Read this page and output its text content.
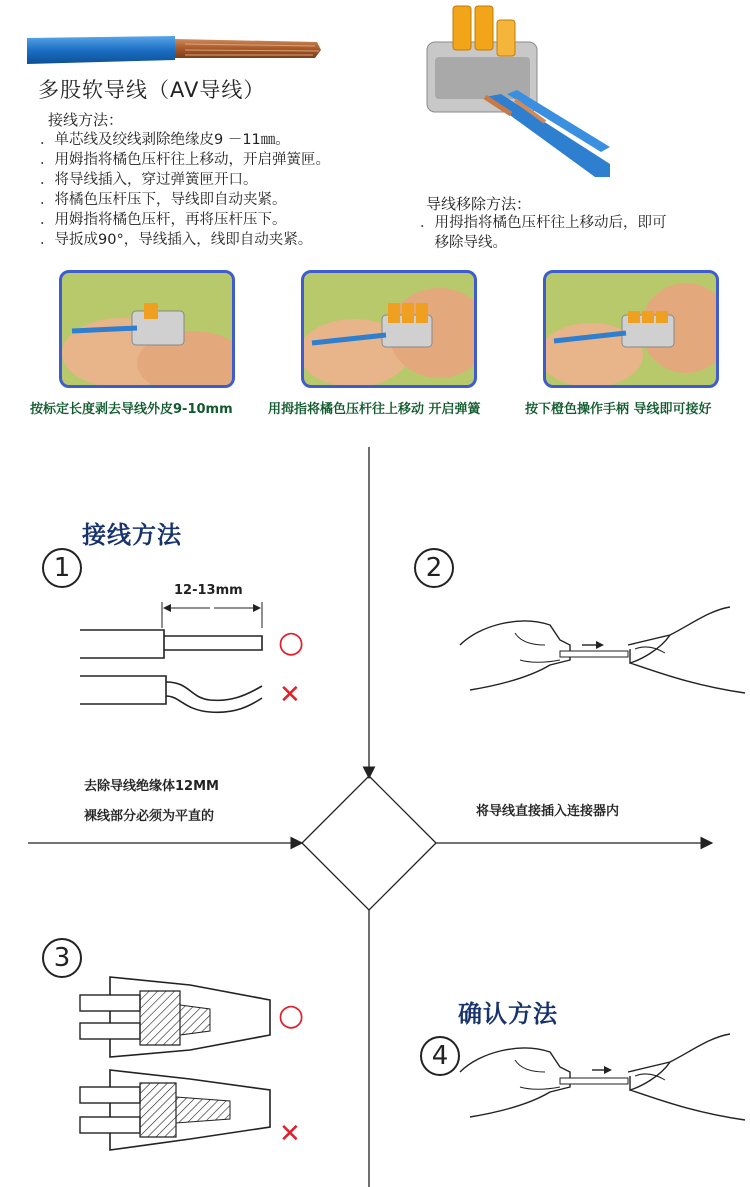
多股软导线（AV导线）
接线方法：
．单芯线及绞线剥除绝缘皮9 －11㎜。
．用姆指将橘色压杆往上移动，开启弹簧匣。
．将导线插入，穿过弹簧匣开口。
．将橘色压杆压下，导线即自动夹紧。
．用姆指将橘色压杆，再将压杆压下。
．导扳成90°，导线插入，线即自动夹紧。
导线移除方法：
．用拇指将橘色压杆往上移动后，即可
　移除导线。
按标定长度剥去导线外皮9-10mm	用拇指将橘色压杆往上移动 开启弹簧	按下橙色操作手柄 导线即可接好
接线方法
确认方法
1	2
3
4
12-13mm
○
✕
去除导线绝缘体12MM
裸线部分必须为平直的	将导线直接插入连接器内
○
✕
